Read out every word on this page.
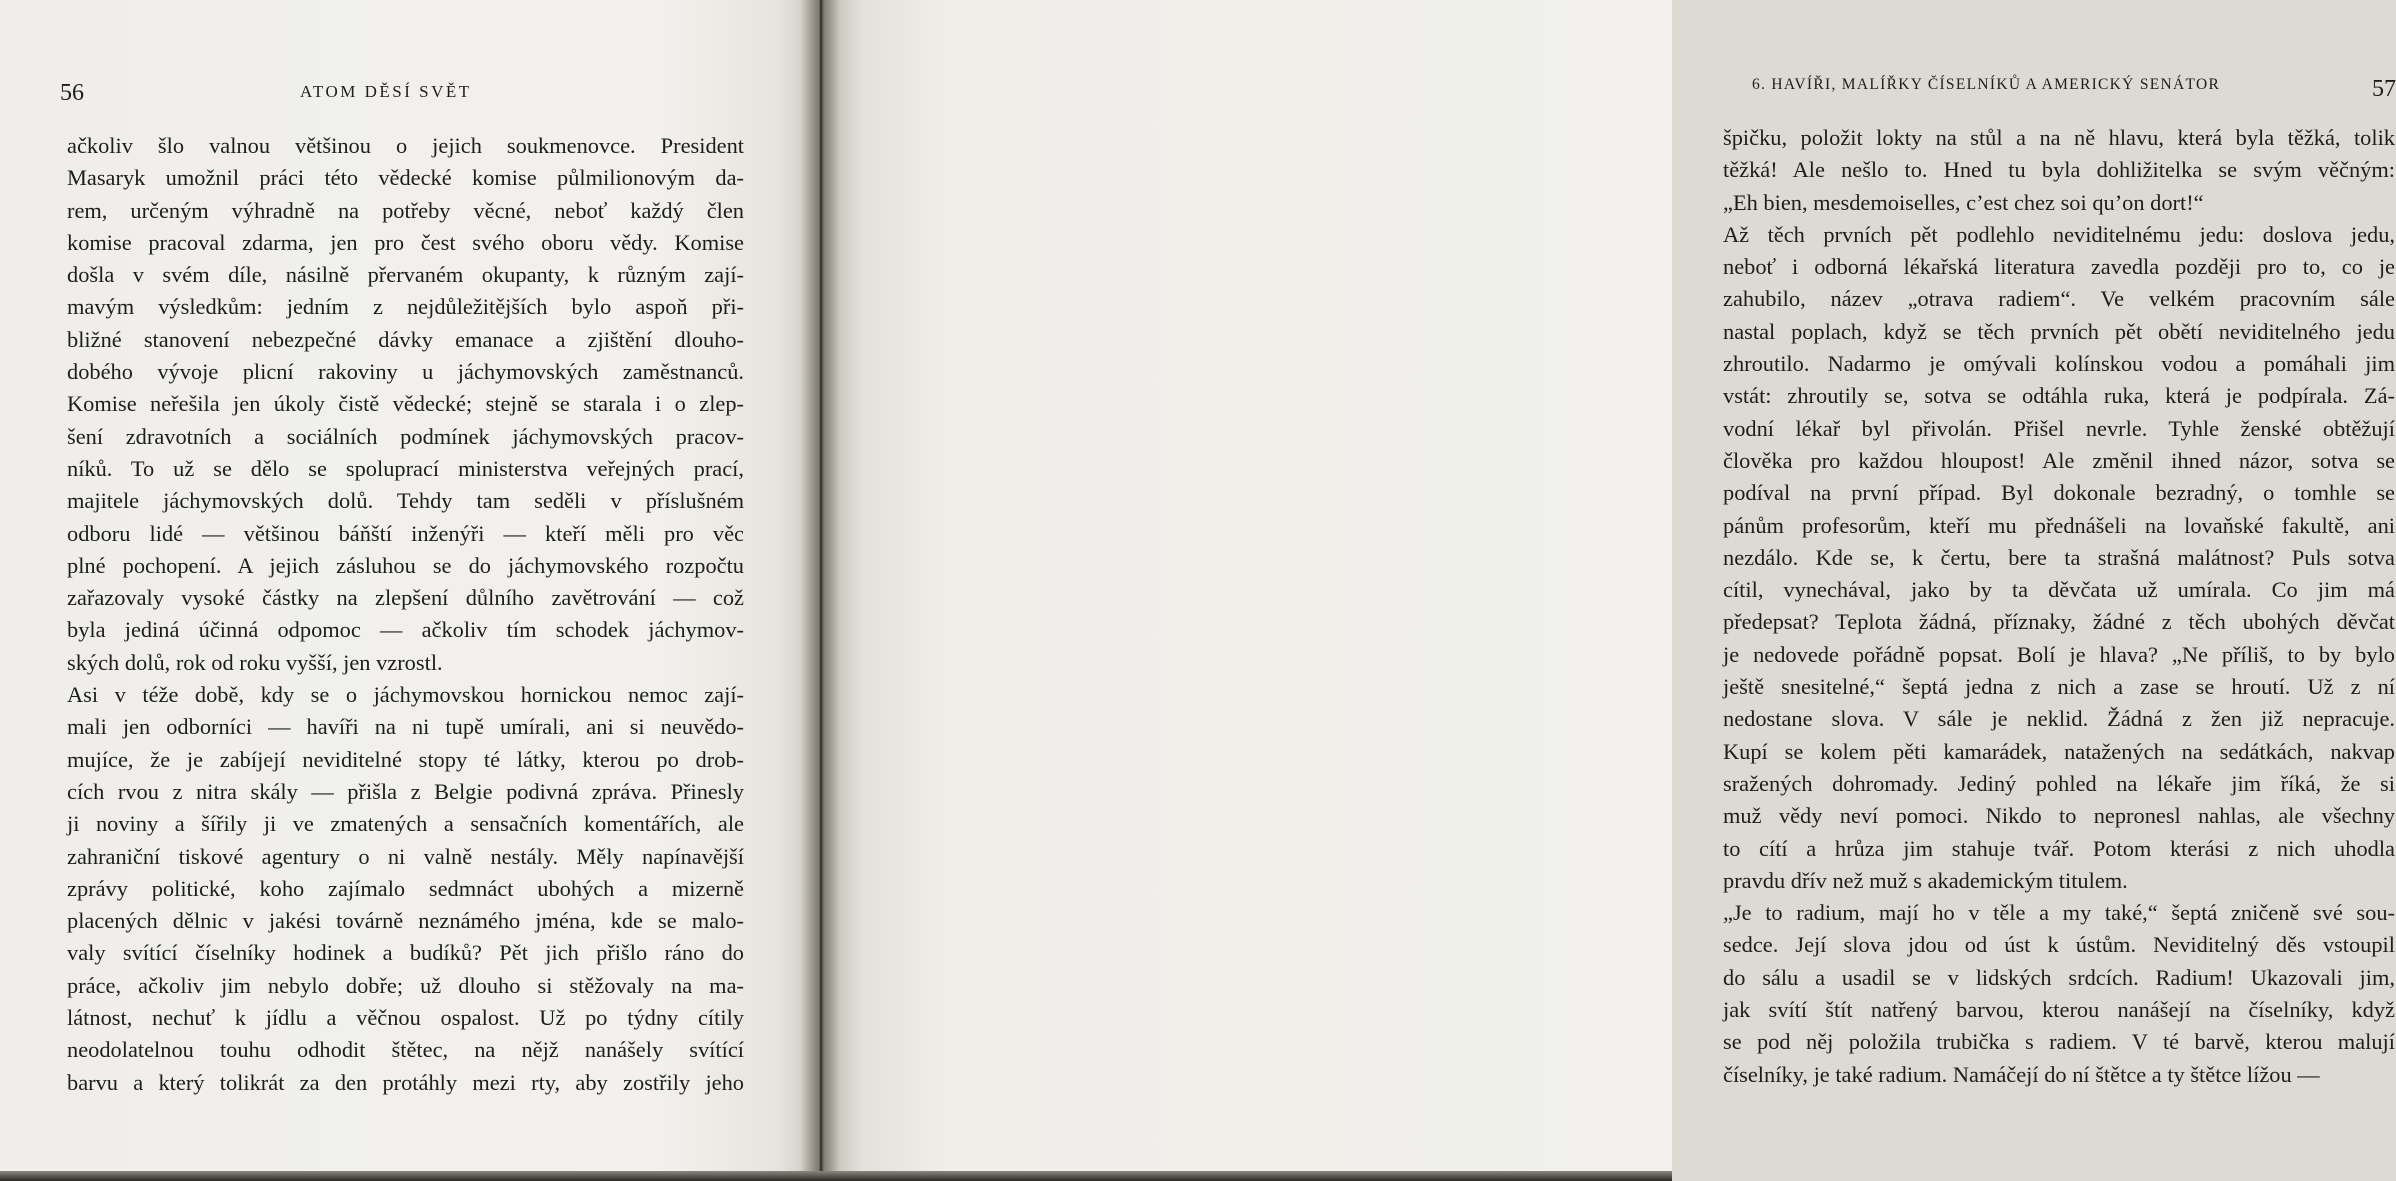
56	ATOM DĚSÍ SVĚT
ačkoliv šlo valnou většinou o jejich soukmenovce. President
Masaryk umožnil práci této vědecké komise půlmilionovým da-
rem, určeným výhradně na potřeby věcné, neboť každý člen
komise pracoval zdarma, jen pro čest svého oboru vědy. Komise
došla v svém díle, násilně přervaném okupanty, k různým zají-
mavým výsledkům: jedním z nejdůležitějších bylo aspoň při-
bližné stanovení nebezpečné dávky emanace a zjištění dlouho-
dobého vývoje plicní rakoviny u jáchymovských zaměstnanců.
Komise neřešila jen úkoly čistě vědecké; stejně se starala i o zlep-
šení zdravotních a sociálních podmínek jáchymovských pracov-
níků. To už se dělo se spoluprací ministerstva veřejných prací,
majitele jáchymovských dolů. Tehdy tam seděli v příslušném
odboru lidé — většinou báňští inženýři — kteří měli pro věc
plné pochopení. A jejich zásluhou se do jáchymovského rozpočtu
zařazovaly vysoké částky na zlepšení důlního zavětrování — což
byla jediná účinná odpomoc — ačkoliv tím schodek jáchymov-
ských dolů, rok od roku vyšší, jen vzrostl.
Asi v téže době, kdy se o jáchymovskou hornickou nemoc zají-
mali jen odborníci — havíři na ni tupě umírali, ani si neuvědo-
mujíce, že je zabíjejí neviditelné stopy té látky, kterou po drob-
cích rvou z nitra skály — přišla z Belgie podivná zpráva. Přinesly
ji noviny a šířily ji ve zmatených a sensačních komentářích, ale
zahraniční tiskové agentury o ni valně nestály. Měly napínavější
zprávy politické, koho zajímalo sedmnáct ubohých a mizerně
placených dělnic v jakési továrně neznámého jména, kde se malo-
valy svítící číselníky hodinek a budíků? Pět jich přišlo ráno do
práce, ačkoliv jim nebylo dobře; už dlouho si stěžovaly na ma-
látnost, nechuť k jídlu a věčnou ospalost. Už po týdny cítily
neodolatelnou touhu odhodit štětec, na nějž nanášely svítící
barvu a který tolikrát za den protáhly mezi rty, aby zostřily jeho
6. HAVÍŘI, MALÍŘKY ČÍSELNÍKŮ A AMERICKÝ SENÁTOR	57
špičku, položit lokty na stůl a na ně hlavu, která byla těžká, tolik
těžká! Ale nešlo to. Hned tu byla dohližitelka se svým věčným:
„Eh bien, mesdemoiselles, c’est chez soi qu’on dort!“
Až těch prvních pět podlehlo neviditelnému jedu: doslova jedu,
neboť i odborná lékařská literatura zavedla později pro to, co je
zahubilo, název „otrava radiem“. Ve velkém pracovním sále
nastal poplach, když se těch prvních pět obětí neviditelného jedu
zhroutilo. Nadarmo je omývali kolínskou vodou a pomáhali jim
vstát: zhroutily se, sotva se odtáhla ruka, která je podpírala. Zá-
vodní lékař byl přivolán. Přišel nevrle. Tyhle ženské obtěžují
člověka pro každou hloupost! Ale změnil ihned názor, sotva se
podíval na první případ. Byl dokonale bezradný, o tomhle se
pánům profesorům, kteří mu přednášeli na lovaňské fakultě, ani
nezdálo. Kde se, k čertu, bere ta strašná malátnost? Puls sotva
cítil, vynechával, jako by ta děvčata už umírala. Co jim má
předepsat? Teplota žádná, příznaky, žádné z těch ubohých děvčat
je nedovede pořádně popsat. Bolí je hlava? „Ne příliš, to by bylo
ještě snesitelné,“ šeptá jedna z nich a zase se hroutí. Už z ní
nedostane slova. V sále je neklid. Žádná z žen již nepracuje.
Kupí se kolem pěti kamarádek, natažených na sedátkách, nakvap
sražených dohromady. Jediný pohled na lékaře jim říká, že si
muž vědy neví pomoci. Nikdo to nepronesl nahlas, ale všechny
to cítí a hrůza jim stahuje tvář. Potom kterási z nich uhodla
pravdu dřív než muž s akademickým titulem.
„Je to radium, mají ho v těle a my také,“ šeptá zničeně své sou-
sedce. Její slova jdou od úst k ústům. Neviditelný děs vstoupil
do sálu a usadil se v lidských srdcích. Radium! Ukazovali jim,
jak svítí štít natřený barvou, kterou nanášejí na číselníky, když
se pod něj položila trubička s radiem. V té barvě, kterou malují
číselníky, je také radium. Namáčejí do ní štětce a ty štětce lížou —
